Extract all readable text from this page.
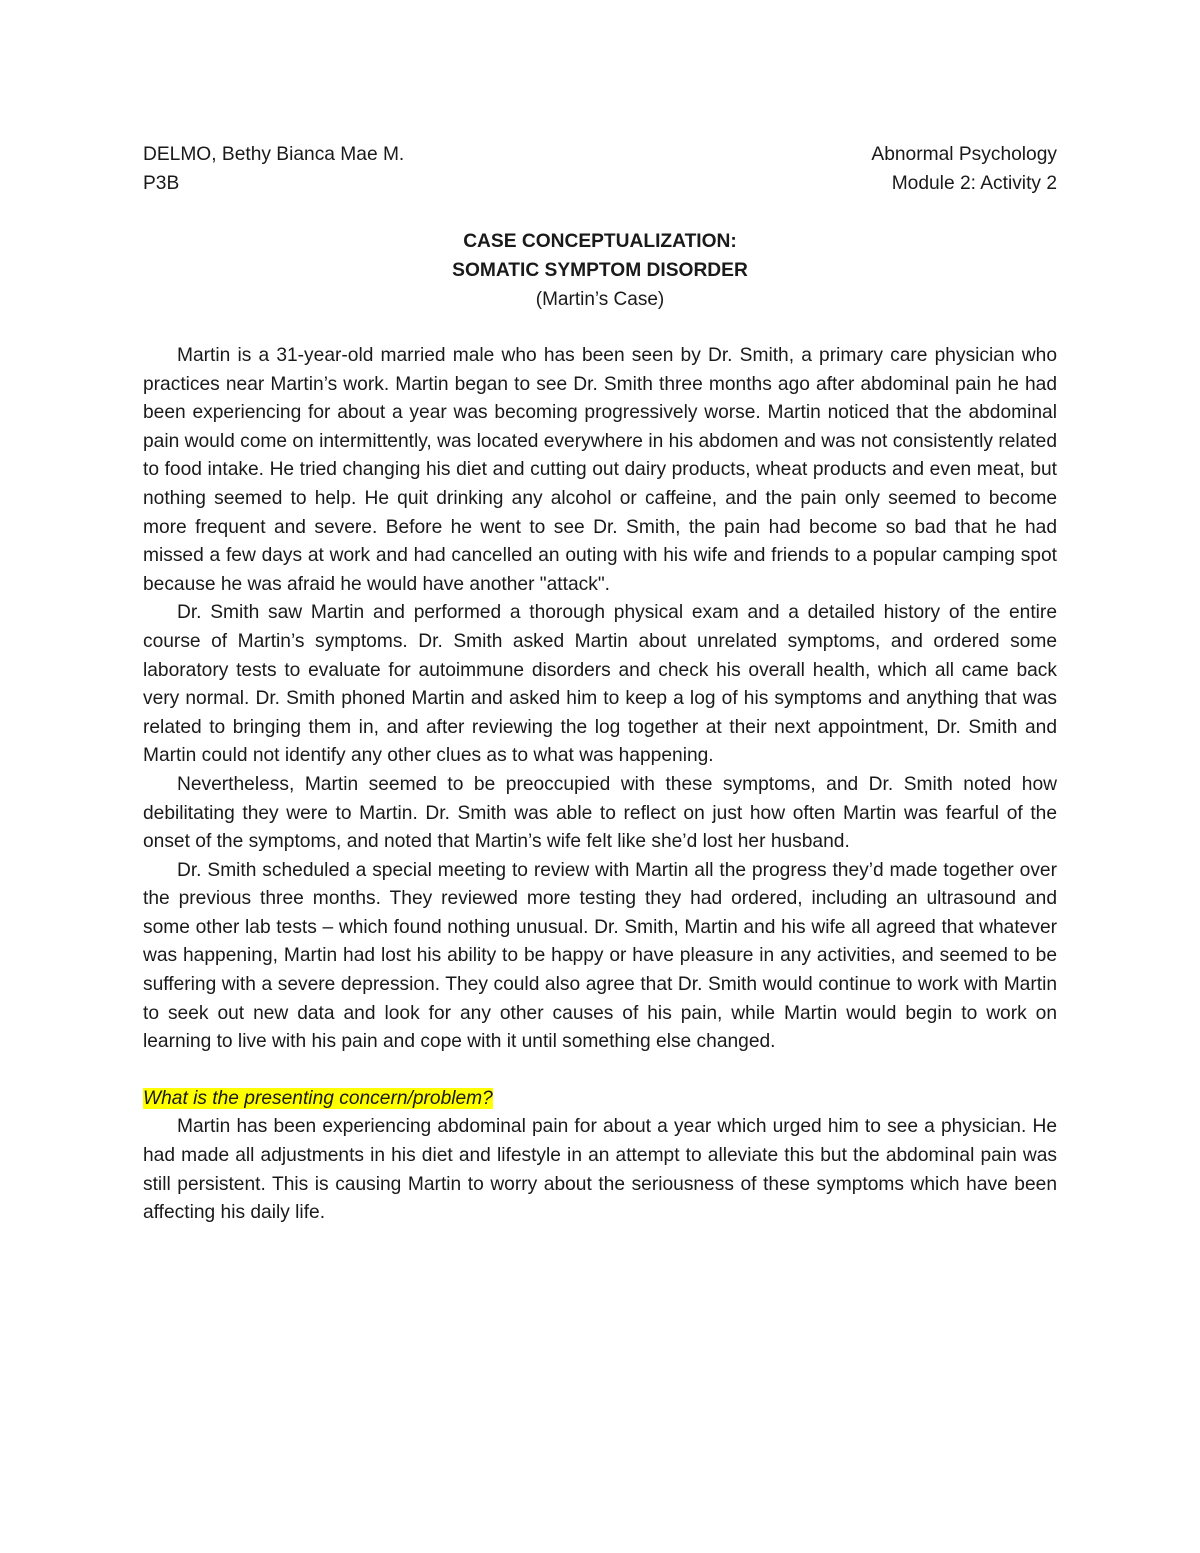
DELMO, Bethy Bianca Mae M.	Abnormal Psychology
P3B	Module 2: Activity 2
CASE CONCEPTUALIZATION:
SOMATIC SYMPTOM DISORDER
(Martin’s Case)

Martin is a 31-year-old married male who has been seen by Dr. Smith, a primary care physician who practices near Martin’s work. Martin began to see Dr. Smith three months ago after abdominal pain he had been experiencing for about a year was becoming progressively worse. Martin noticed that the abdominal pain would come on intermittently, was located everywhere in his abdomen and was not consistently related to food intake. He tried changing his diet and cutting out dairy products, wheat products and even meat, but nothing seemed to help. He quit drinking any alcohol or caffeine, and the pain only seemed to become more frequent and severe. Before he went to see Dr. Smith, the pain had become so bad that he had missed a few days at work and had cancelled an outing with his wife and friends to a popular camping spot because he was afraid he would have another "attack".

Dr. Smith saw Martin and performed a thorough physical exam and a detailed history of the entire course of Martin’s symptoms. Dr. Smith asked Martin about unrelated symptoms, and ordered some laboratory tests to evaluate for autoimmune disorders and check his overall health, which all came back very normal. Dr. Smith phoned Martin and asked him to keep a log of his symptoms and anything that was related to bringing them in, and after reviewing the log together at their next appointment, Dr. Smith and Martin could not identify any other clues as to what was happening.

Nevertheless, Martin seemed to be preoccupied with these symptoms, and Dr. Smith noted how debilitating they were to Martin. Dr. Smith was able to reflect on just how often Martin was fearful of the onset of the symptoms, and noted that Martin’s wife felt like she’d lost her husband.

Dr. Smith scheduled a special meeting to review with Martin all the progress they’d made together over the previous three months. They reviewed more testing they had ordered, including an ultrasound and some other lab tests – which found nothing unusual. Dr. Smith, Martin and his wife all agreed that whatever was happening, Martin had lost his ability to be happy or have pleasure in any activities, and seemed to be suffering with a severe depression. They could also agree that Dr. Smith would continue to work with Martin to seek out new data and look for any other causes of his pain, while Martin would begin to work on learning to live with his pain and cope with it until something else changed.

What is the presenting concern/problem?

Martin has been experiencing abdominal pain for about a year which urged him to see a physician. He had made all adjustments in his diet and lifestyle in an attempt to alleviate this but the abdominal pain was still persistent. This is causing Martin to worry about the seriousness of these symptoms which have been affecting his daily life.
